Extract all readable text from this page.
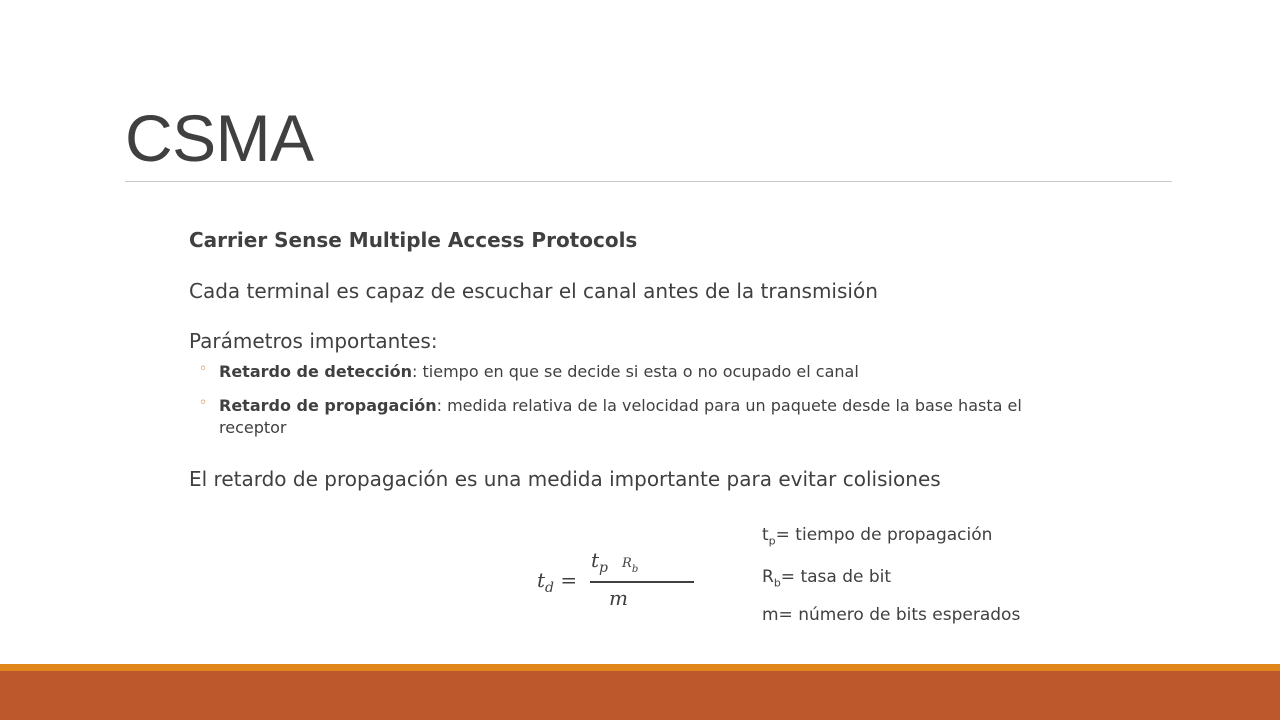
CSMA
Carrier Sense Multiple Access Protocols
Cada terminal es capaz de escuchar el canal antes de la transmisión
Parámetros importantes:
◦ Retardo de detección: tiempo en que se decide si esta o no ocupado el canal
◦ Retardo de propagación: medida relativa de la velocidad para un paquete desde la base hasta el receptor
El retardo de propagación es una medida importante para evitar colisiones
$t_d$ =
$t_p$ $R_b$
m
$t_p=$ tiempo de propagación
$R_b=$ tasa de bit
m= número de bits esperados
